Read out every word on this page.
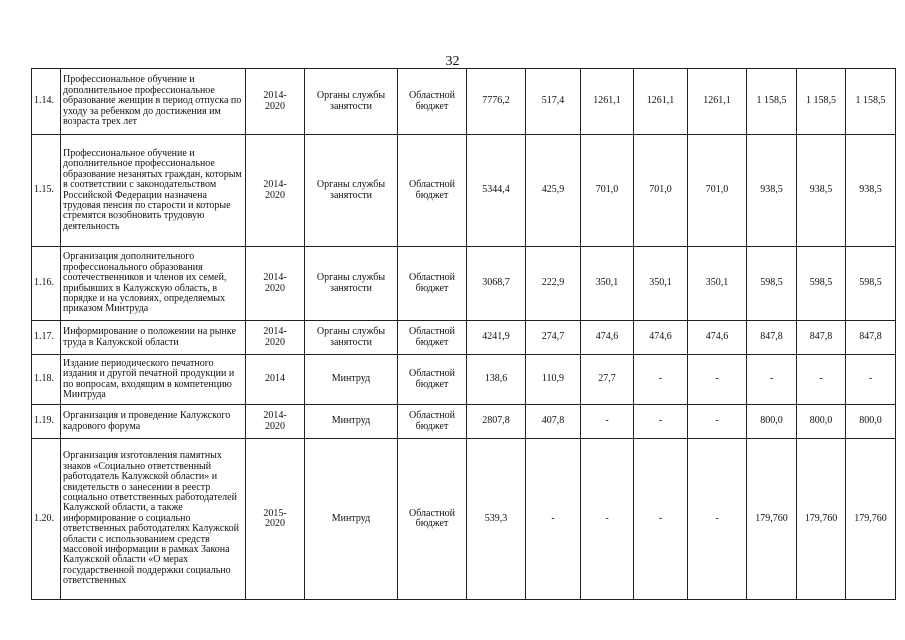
32
1.14.	Профессиональное обучение и дополнительное профессиональное образование женщин в период отпуска по уходу за ребенком до достижения им возраста трех лет	2014-
2020	Органы службы
занятости	Областной
бюджет	7776,2	517,4	1261,1	1261,1	1261,1	1 158,5	1 158,5	1 158,5
1.15.	Профессиональное обучение и дополнительное профессиональное образование незанятых граждан, которым в соответствии с законодательством Российской Федерации назначена трудовая пенсия по старости и которые стремятся возобновить трудовую деятельность	2014-
2020	Органы службы
занятости	Областной
бюджет	5344,4	425,9	701,0	701,0	701,0	938,5	938,5	938,5
1.16.	Организация дополнительного профессионального образования соотечественников и членов их семей, прибывших в Калужскую область, в порядке и на условиях, определяемых приказом Минтруда	2014-
2020	Органы службы
занятости	Областной
бюджет	3068,7	222,9	350,1	350,1	350,1	598,5	598,5	598,5
1.17.	Информирование о положении на рынке труда в Калужской области	2014-
2020	Органы службы
занятости	Областной
бюджет	4241,9	274,7	474,6	474,6	474,6	847,8	847,8	847,8
1.18.	Издание периодического печатного издания и другой печатной продукции и по вопросам, входящим в компетенцию Минтруда	2014	Минтруд	Областной
бюджет	138,6	110,9	27,7	-	-	-	-	-
1.19.	Организация и проведение Калужского кадрового форума	2014-
2020	Минтруд	Областной
бюджет	2807,8	407,8	-	-	-	800,0	800,0	800,0
1.20.	Организация изготовления памятных знаков «Социально ответственный работодатель Калужской области» и свидетельств о занесении в реестр социально ответственных работодателей Калужской области, а также информирование о социально ответственных работодателях Калужской области с использованием средств массовой информации в рамках Закона Калужской области «О мерах государственной поддержки социально ответственных	2015-
2020	Минтруд	Областной
бюджет	539,3	-	-	-	-	179,760	179,760	179,760
